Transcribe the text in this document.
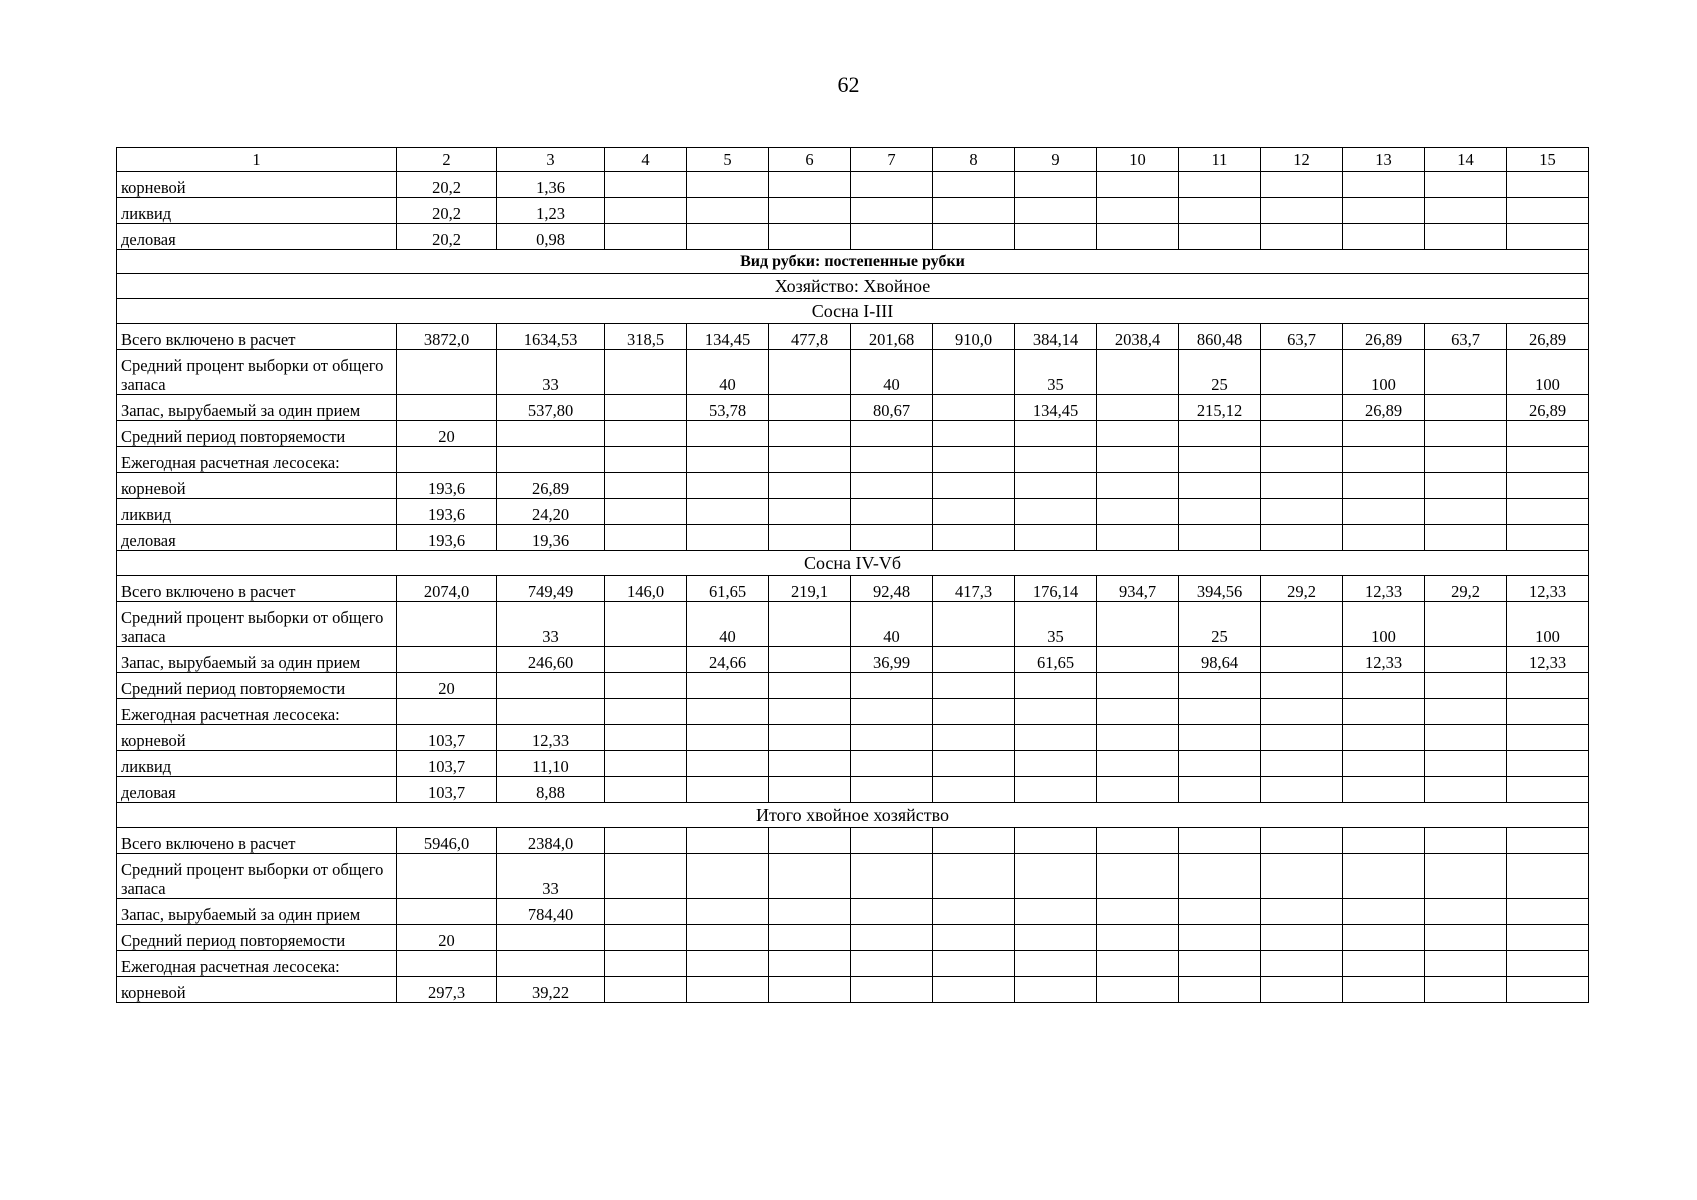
62
1	2	3	4	5	6	7	8	9	10	11	12	13	14	15
корневой	20,2	1,36												
ликвид	20,2	1,23												
деловая	20,2	0,98												
Вид рубки: постепенные рубки														
Хозяйство: Хвойное														
Сосна I-III														
Всего включено в расчет	3872,0	1634,53	318,5	134,45	477,8	201,68	910,0	384,14	2038,4	860,48	63,7	26,89	63,7	26,89
Средний процент выборки от общего запаса		33		40		40		35		25		100		100
Запас, вырубаемый за один прием		537,80		53,78		80,67		134,45		215,12		26,89		26,89
Средний период повторяемости	20													
Ежегодная расчетная лесосека:														
корневой	193,6	26,89												
ликвид	193,6	24,20												
деловая	193,6	19,36												
Сосна IV-Vб														
Всего включено в расчет	2074,0	749,49	146,0	61,65	219,1	92,48	417,3	176,14	934,7	394,56	29,2	12,33	29,2	12,33
Средний процент выборки от общего запаса		33		40		40		35		25		100		100
Запас, вырубаемый за один прием		246,60		24,66		36,99		61,65		98,64		12,33		12,33
Средний период повторяемости	20													
Ежегодная расчетная лесосека:														
корневой	103,7	12,33												
ликвид	103,7	11,10												
деловая	103,7	8,88												
Итого хвойное хозяйство														
Всего включено в расчет	5946,0	2384,0												
Средний процент выборки от общего запаса		33												
Запас, вырубаемый за один прием		784,40												
Средний период повторяемости	20													
Ежегодная расчетная лесосека:														
корневой	297,3	39,22												
